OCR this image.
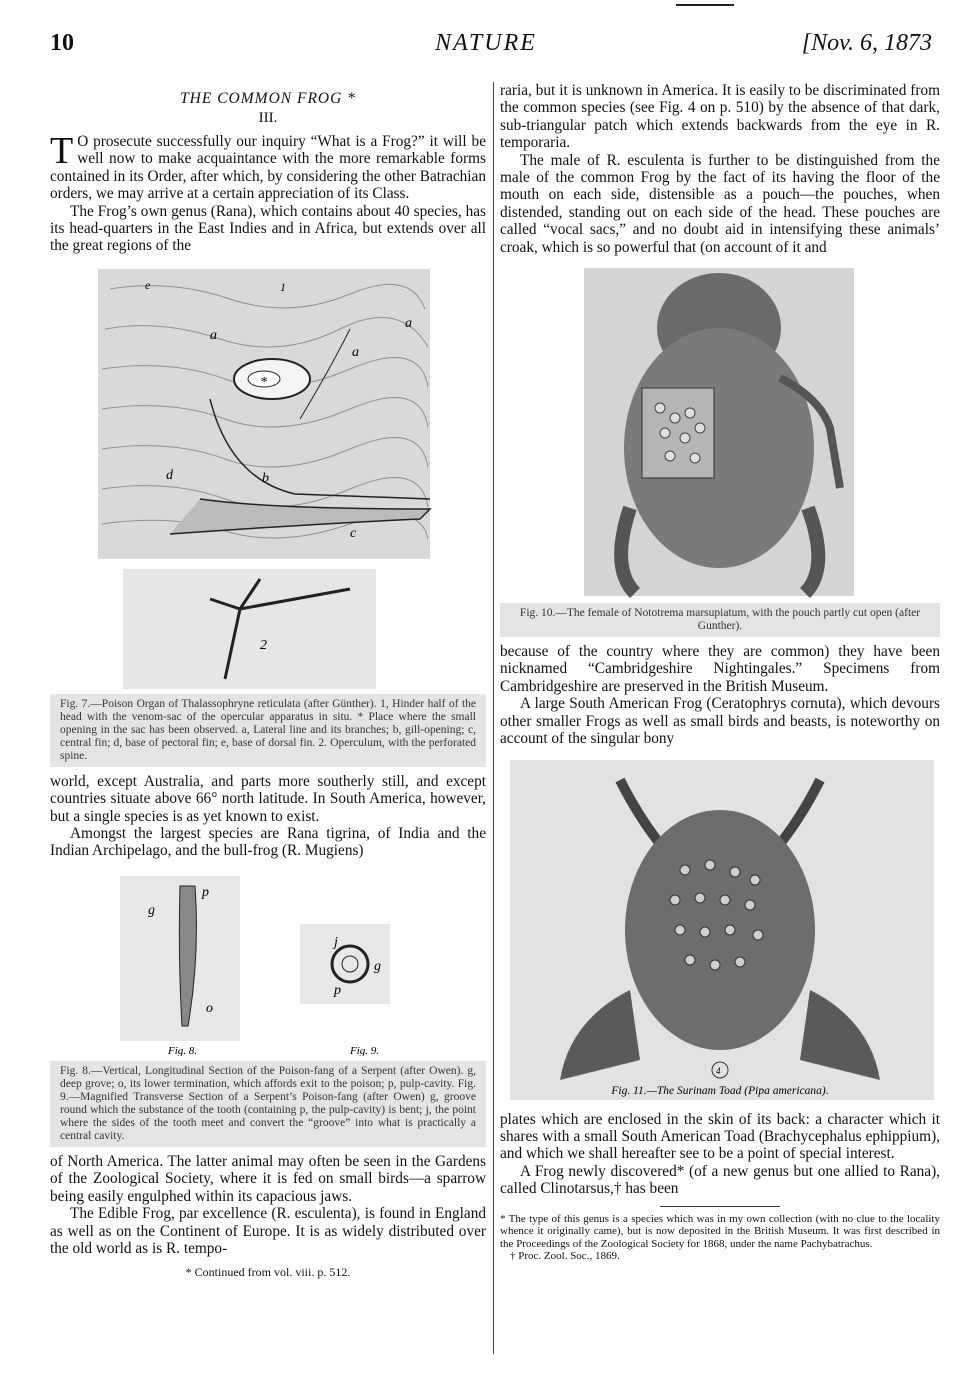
10	NATURE	[Nov. 6, 1873
THE COMMON FROG *
III.

T O prosecute successfully our inquiry “What is a Frog?” it will be well now to make acquaintance with the more remarkable forms contained in its Order, after which, by considering the other Batrachian orders, we may arrive at a certain appreciation of its Class.

The Frog’s own genus (Rana), which contains about 40 species, has its head-quarters in the East Indies and in Africa, but extends over all the great regions of the

1
e
a
a
a
*
b
d
c
2
Fig. 7.—Poison Organ of Thalassophryne reticulata (after Günther). 1, Hinder half of the head with the venom-sac of the opercular apparatus in situ. * Place where the small opening in the sac has been observed. a, Lateral line and its branches; b, gill-opening; c, central fin; d, base of pectoral fin; e, base of dorsal fin. 2. Operculum, with the perforated spine.

world, except Australia, and parts more southerly still, and except countries situate above 66° north latitude. In South America, however, but a single species is as yet known to exist.

Amongst the largest species are Rana tigrina, of India and the Indian Archipelago, and the bull-frog (R. Mugiens)

p
g
o
j
g
p
Fig. 8.	Fig. 9.
Fig. 8.—Vertical, Longitudinal Section of the Poison-fang of a Serpent (after Owen). g, deep grove; o, its lower termination, which affords exit to the poison; p, pulp-cavity. Fig. 9.—Magnified Transverse Section of a Serpent’s Poison-fang (after Owen) g, groove round which the substance of the tooth (containing p, the pulp-cavity) is bent; j, the point where the sides of the tooth meet and convert the “groove” into what is practically a central cavity.

of North America. The latter animal may often be seen in the Gardens of the Zoological Society, where it is fed on small birds—a sparrow being easily engulphed within its capacious jaws.

The Edible Frog, par excellence (R. esculenta), is found in England as well as on the Continent of Europe. It is as widely distributed over the old world as is R. tempo-

* Continued from vol. viii. p. 512.

raria, but it is unknown in America. It is easily to be discriminated from the common species (see Fig. 4 on p. 510) by the absence of that dark, sub-triangular patch which extends backwards from the eye in R. temporaria.

The male of R. esculenta is further to be distinguished from the male of the common Frog by the fact of its having the floor of the mouth on each side, distensible as a pouch—the pouches, when distended, standing out on each side of the head. These pouches are called “vocal sacs,” and no doubt aid in intensifying these animals’ croak, which is so powerful that (on account of it and

Fig. 10.—The female of Nototrema marsupiatum, with the pouch partly cut open (after Gunther).

because of the country where they are common) they have been nicknamed “Cambridgeshire Nightingales.” Specimens from Cambridgeshire are preserved in the British Museum.

A large South American Frog (Ceratophrys cornuta), which devours other smaller Frogs as well as small birds and beasts, is noteworthy on account of the singular bony

4
Fig. 11.—The Surinam Toad (Pipa americana).

plates which are enclosed in the skin of its back: a character which it shares with a small South American Toad (Brachycephalus ephippium), and which we shall hereafter see to be a point of special interest.

A Frog newly discovered* (of a new genus but one allied to Rana), called Clinotarsus,† has been

* The type of this genus is a species which was in my own collection (with no clue to the locality whence it originally came), but is now deposited in the British Museum. It was first described in the Proceedings of the Zoological Society for 1868, under the name Pachybatrachus.
† Proc. Zool. Soc., 1869.
